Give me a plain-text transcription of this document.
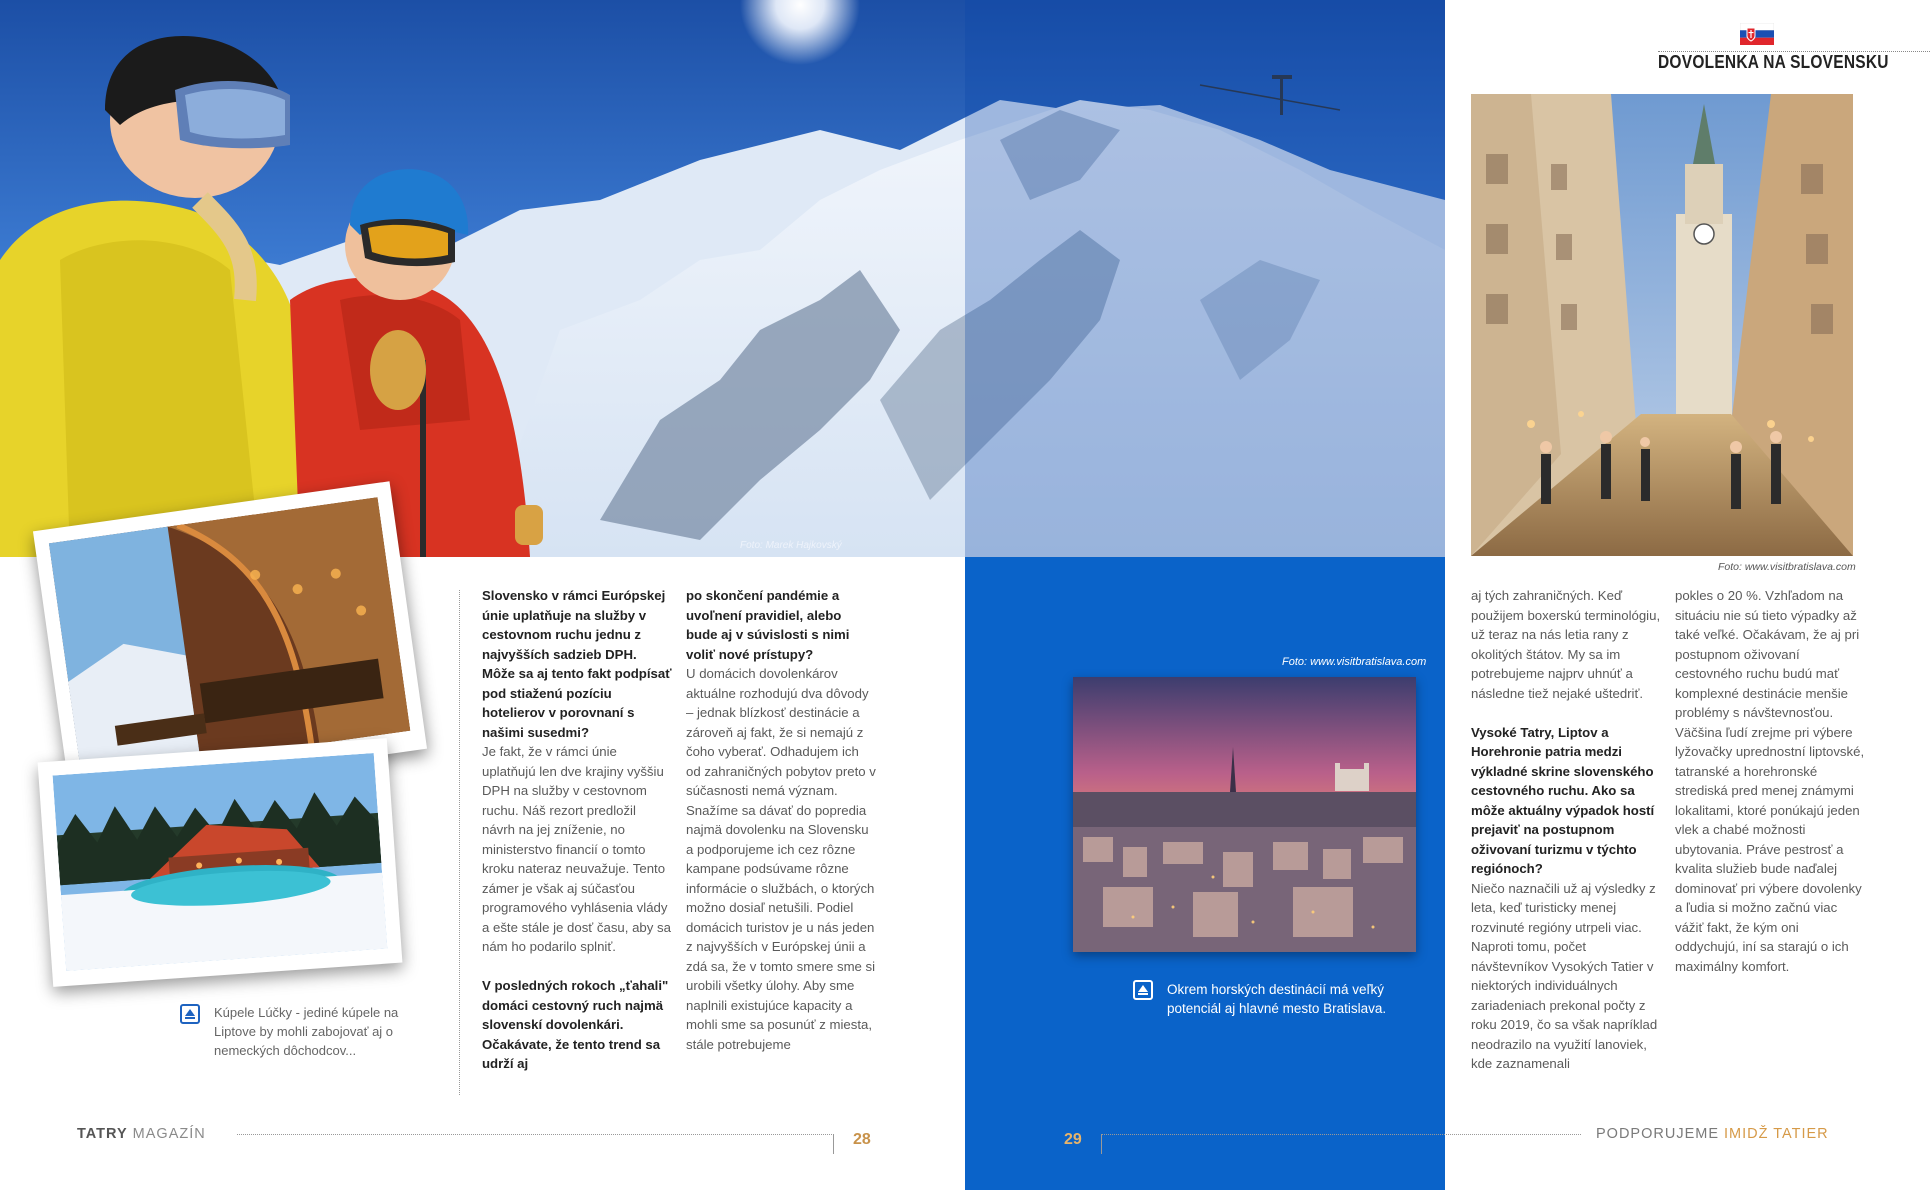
Foto: Marek Hajkovský
Foto: www.visitbratislava.com
Okrem horských destinácií má veľký potenciál aj hlavné mesto Bratislava.
DOVOLENKA NA SLOVENSKU
Foto: www.visitbratislava.com
Kúpele Lúčky - jediné kúpele na Liptove by mohli zabojovať aj o nemeckých dôchodcov...

Slovensko v rámci Európskej únie uplatňuje na služby v cestovnom ruchu jednu z najvyšších sadzieb DPH. Môže sa aj tento fakt podpísať pod stiaženú pozíciu hotelierov v porovnaní s našimi susedmi?
Je fakt, že v rámci únie uplatňujú len dve krajiny vyššiu DPH na služby v cestovnom ruchu. Náš rezort predložil návrh na jej zníženie, no ministerstvo financií o tomto kroku nateraz neuvažuje. Tento zámer je však aj súčasťou programového vyhlásenia vlády a ešte stále je dosť času, aby sa nám ho podarilo splniť.

V posledných rokoch „ťahali" domáci cestovný ruch najmä slovenskí dovolenkári. Očakávate, že tento trend sa udrží aj

po skončení pandémie a uvoľnení pravidiel, alebo bude aj v súvislosti s nimi voliť nové prístupy?
U domácich dovolenkárov aktuálne rozhodujú dva dôvody – jednak blízkosť destinácie a zároveň aj fakt, že si nemajú z čoho vyberať. Odhadujem ich od zahraničných pobytov preto v súčasnosti nemá význam. Snažíme sa dávať do popredia najmä dovolenku na Slovensku a podporujeme ich cez rôzne kampane podsúvame rôzne informácie o službách, o ktorých možno dosiaľ netušili. Podiel domácich turistov je u nás jeden z najvyšších v Európskej únii a zdá sa, že v tomto smere sme si urobili všetky úlohy. Aby sme naplnili existujúce kapacity a mohli sme sa posunúť z miesta, stále potrebujeme

aj tých zahraničných. Keď použijem boxerskú terminológiu, už teraz na nás letia rany z okolitých štátov. My sa im potrebujeme najprv uhnúť a následne tiež nejaké uštedriť.

Vysoké Tatry, Liptov a Horehronie patria medzi výkladné skrine slovenského cestovného ruchu. Ako sa môže aktuálny výpadok hostí prejaviť na postupnom oživovaní turizmu v týchto regiónoch?
Niečo naznačili už aj výsledky z leta, keď turisticky menej rozvinuté regióny utrpeli viac. Naproti tomu, počet návštevníkov Vysokých Tatier v niektorých individuálnych zariadeniach prekonal počty z roku 2019, čo sa však napríklad neodrazilo na využití lanoviek, kde zaznamenali

pokles o 20 %. Vzhľadom na situáciu nie sú tieto výpadky až také veľké. Očakávam, že aj pri postupnom oživovaní cestovného ruchu budú mať komplexné destinácie menšie problémy s návštevnosťou. Väčšina ľudí zrejme pri výbere lyžovačky uprednostní liptovské, tatranské a horehronské strediská pred menej známymi lokalitami, ktoré ponúkajú jeden vlek a chabé možnosti ubytovania. Práve pestrosť a kvalita služieb bude naďalej dominovať pri výbere dovolenky a ľudia si možno začnú viac vážiť fakt, že kým oni oddychujú, iní sa starajú o ich maximálny komfort.

TATRY MAGAZÍN	28	29	PODPORUJEME IMIDŽ TATIER
